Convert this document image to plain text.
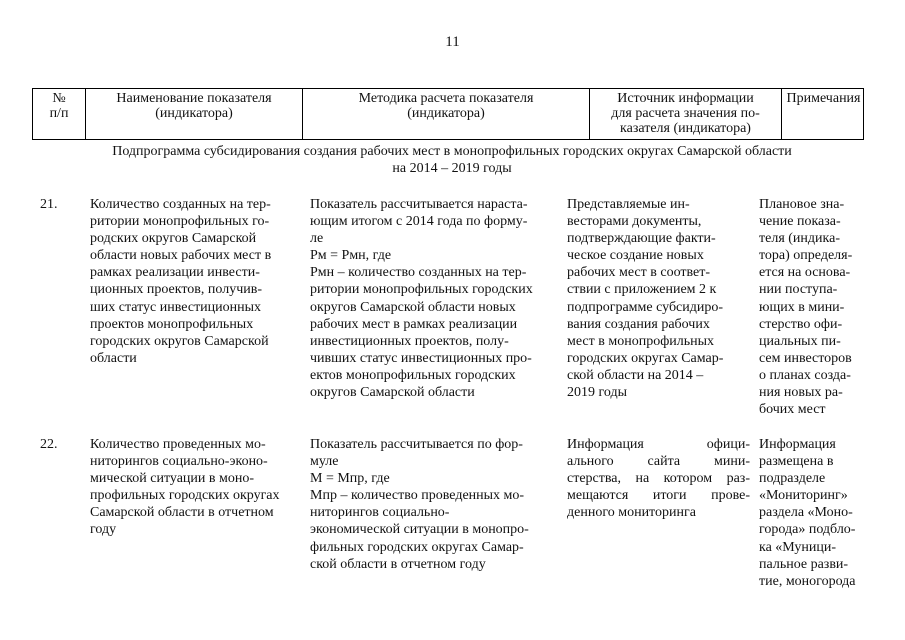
11
№
п/п
Наименование показателя
(индикатора)
Методика расчета показателя
(индикатора)
Источник информации
для расчета значения по-
казателя (индикатора)
Примечания
Подпрограмма субсидирования создания рабочих мест в монопрофильных городских округах Самарской области
на 2014 – 2019 годы
21.	Количество созданных на тер-
ритории монопрофильных го-
родских округов Самарской
области новых рабочих мест в
рамках реализации инвести-
ционных проектов, получив-
ших статус инвестиционных
проектов монопрофильных
городских округов Самарской
области
Показатель рассчитывается нараста-
ющим итогом с 2014 года по форму-
ле
Рм = Рмн, где
Рмн – количество созданных на тер-
ритории монопрофильных городских
округов Самарской области новых
рабочих мест в рамках реализации
инвестиционных проектов, полу-
чивших статус инвестиционных про-
ектов монопрофильных городских
округов Самарской области
Представляемые ин-
весторами документы,
подтверждающие факти-
ческое создание новых
рабочих мест в соответ-
ствии с приложением 2 к
подпрограмме субсидиро-
вания создания рабочих
мест в монопрофильных
городских округах Самар-
ской области на 2014 –
2019 годы
Плановое зна-
чение показа-
теля (индика-
тора) определя-
ется на основа-
нии поступа-
ющих в мини-
стерство офи-
циальных пи-
сем инвесторов
о планах созда-
ния новых ра-
бочих мест
22.	Количество проведенных мо-
ниторингов социально-эконо-
мической ситуации в моно-
профильных городских округах
Самарской области в отчетном
году
Показатель рассчитывается по фор-
муле
М = Мпр, где
Мпр – количество проведенных мо-
ниторингов социально-
экономической ситуации в монопро-
фильных городских округах Самар-
ской области в отчетном году
Информация офици-
ального сайта мини-
стерства, на котором раз-
мещаются итоги прове-
денного мониторинга
Информация
размещена в
подразделе
«Мониторинг»
раздела «Моно-
города» подбло-
ка «Муници-
пальное разви-
тие, моногорода
